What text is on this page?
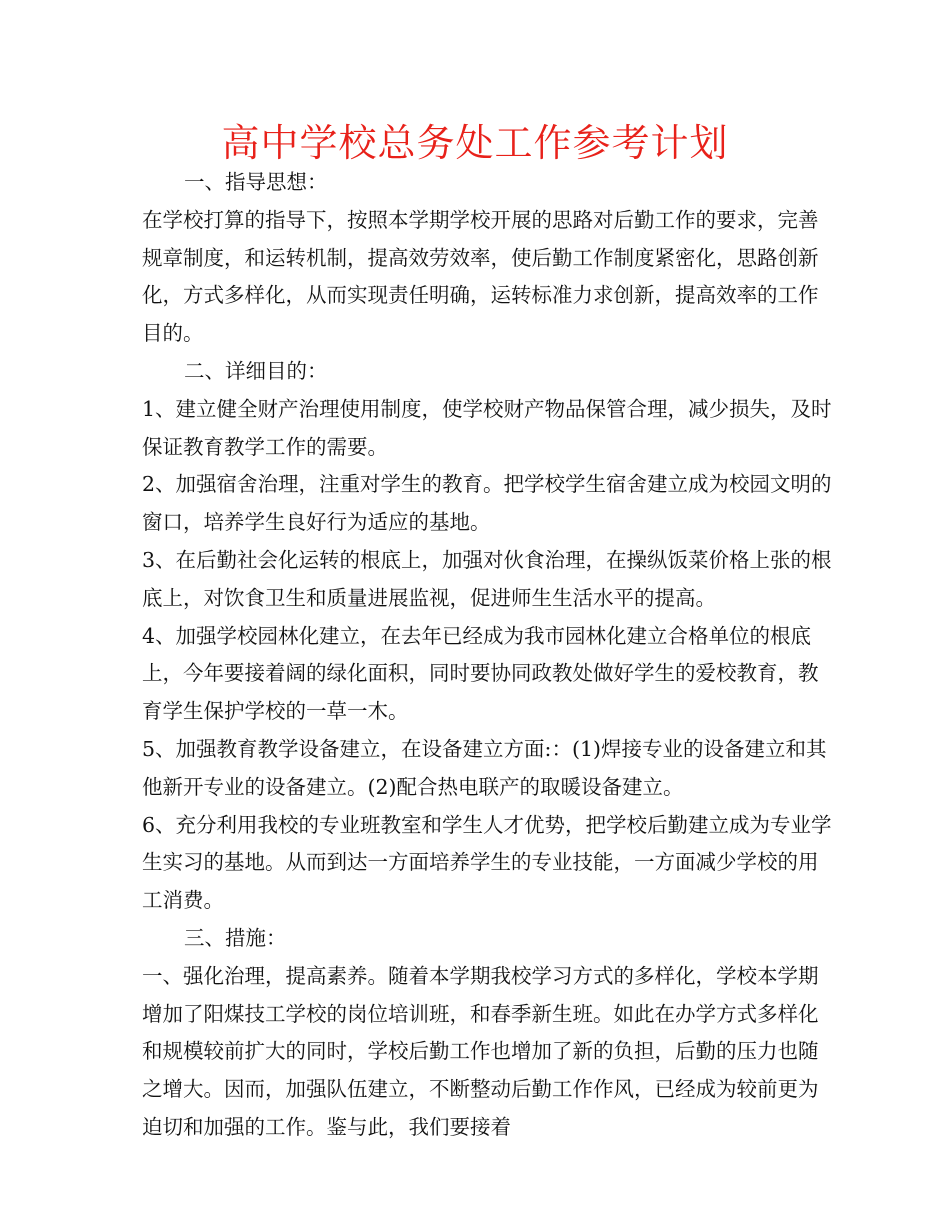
高中学校总务处工作参考计划

一、指导思想：

在学校打算的指导下，按照本学期学校开展的思路对后勤工作的要求，完善规章制度，和运转机制，提高效劳效率，使后勤工作制度紧密化，思路创新化，方式多样化，从而实现责任明确，运转标准力求创新，提高效率的工作目的。

二、详细目的：

1、建立健全财产治理使用制度，使学校财产物品保管合理，减少损失，及时保证教育教学工作的需要。

2、加强宿舍治理，注重对学生的教育。把学校学生宿舍建立成为校园文明的窗口，培养学生良好行为适应的基地。

3、在后勤社会化运转的根底上，加强对伙食治理，在操纵饭菜价格上张的根底上，对饮食卫生和质量进展监视，促进师生生活水平的提高。

4、加强学校园林化建立，在去年已经成为我市园林化建立合格单位的根底上，今年要接着阔的绿化面积，同时要协同政教处做好学生的爱校教育，教育学生保护学校的一草一木。

5、加强教育教学设备建立，在设备建立方面:：(1)焊接专业的设备建立和其他新开专业的设备建立。(2)配合热电联产的取暖设备建立。

6、充分利用我校的专业班教室和学生人才优势，把学校后勤建立成为专业学生实习的基地。从而到达一方面培养学生的专业技能，一方面减少学校的用工消费。

三、措施：

一、强化治理，提高素养。随着本学期我校学习方式的多样化，学校本学期增加了阳煤技工学校的岗位培训班，和春季新生班。如此在办学方式多样化和规模较前扩大的同时，学校后勤工作也增加了新的负担，后勤的压力也随之增大。因而，加强队伍建立，不断整动后勤工作作风，已经成为较前更为迫切和加强的工作。鉴与此，我们要接着
